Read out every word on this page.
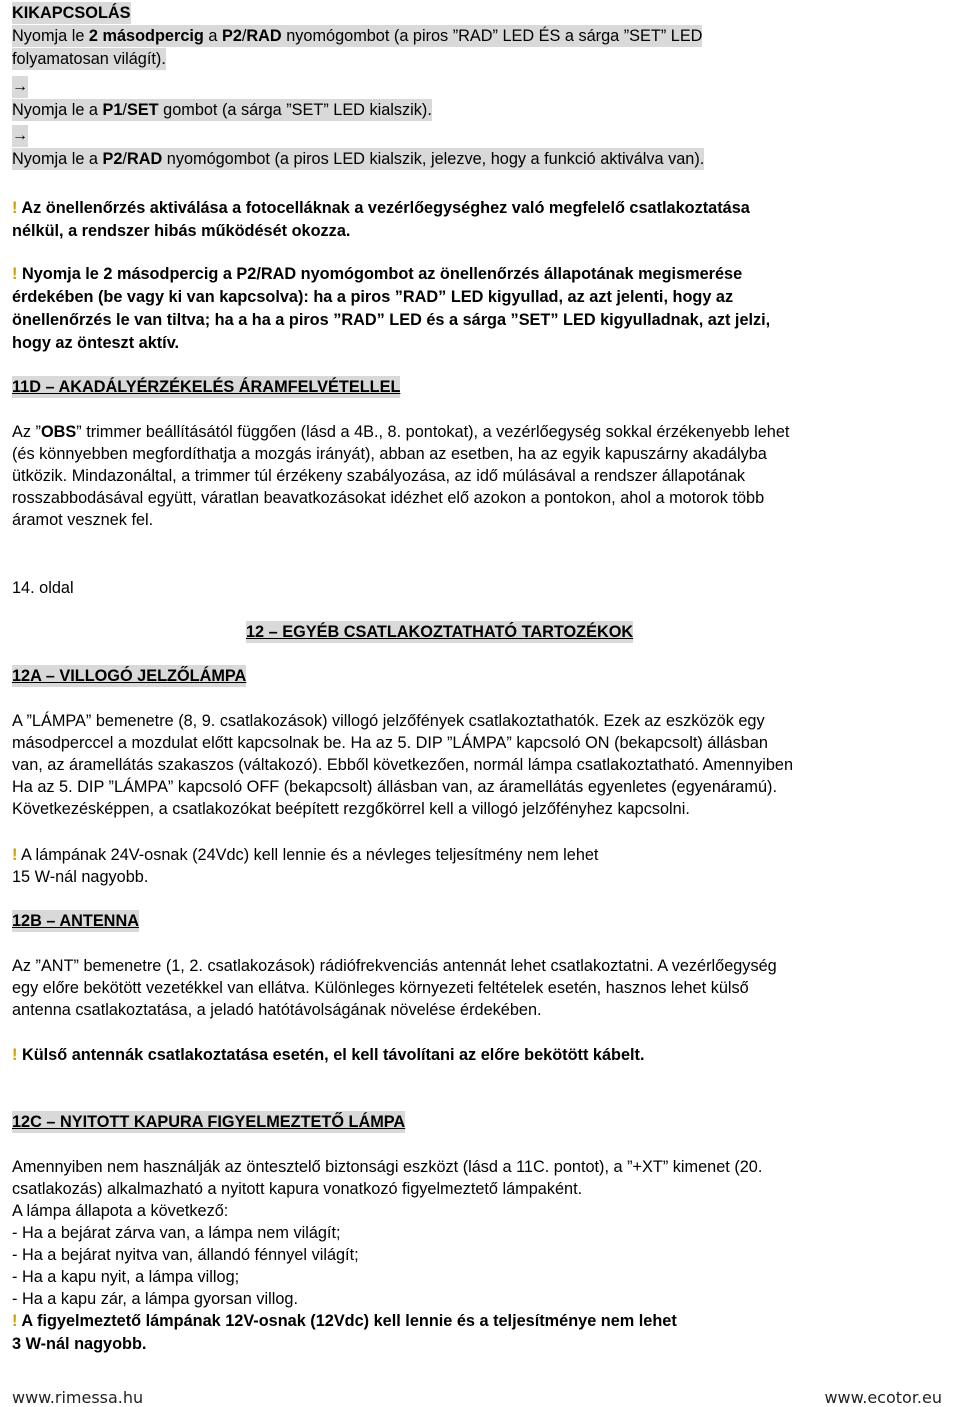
KIKAPCSOLÁS
Nyomja le 2 másodpercig a P2/RAD nyomógombot (a piros ”RAD” LED ÉS a sárga ”SET” LED
folyamatosan világít).
→
Nyomja le a P1/SET gombot (a sárga ”SET” LED kialszik).
→
Nyomja le a P2/RAD nyomógombot (a piros LED kialszik, jelezve, hogy a funkció aktiválva van).
! Az önellenőrzés aktiválása a fotocelláknak a vezérlőegységhez való megfelelő csatlakoztatása
nélkül, a rendszer hibás működését okozza.
! Nyomja le 2 másodpercig a P2/RAD nyomógombot az önellenőrzés állapotának megismerése
érdekében (be vagy ki van kapcsolva): ha a piros ”RAD” LED kigyullad, az azt jelenti, hogy az
önellenőrzés le van tiltva; ha a ha a piros ”RAD” LED és a sárga ”SET” LED kigyulladnak, azt jelzi,
hogy az önteszt aktív.
11D – AKADÁLYÉRZÉKELÉS ÁRAMFELVÉTELLEL
Az ”OBS” trimmer beállításától függően (lásd a 4B., 8. pontokat), a vezérlőegység sokkal érzékenyebb lehet
(és könnyebben megfordíthatja a mozgás irányát), abban az esetben, ha az egyik kapuszárny akadályba
ütközik. Mindazonáltal, a trimmer túl érzékeny szabályozása, az idő múlásával a rendszer állapotának
rosszabbodásával együtt, váratlan beavatkozásokat idézhet elő azokon a pontokon, ahol a motorok több
áramot vesznek fel.
14. oldal
12 – EGYÉB CSATLAKOZTATHATÓ TARTOZÉKOK
12A – VILLOGÓ JELZŐLÁMPA
A ”LÁMPA” bemenetre (8, 9. csatlakozások) villogó jelzőfények csatlakoztathatók. Ezek az eszközök egy
másodperccel a mozdulat előtt kapcsolnak be. Ha az 5. DIP ”LÁMPA” kapcsoló ON (bekapcsolt) állásban
van, az áramellátás szakaszos (váltakozó). Ebből következően, normál lámpa csatlakoztatható. Amennyiben
Ha az 5. DIP ”LÁMPA” kapcsoló OFF (bekapcsolt) állásban van, az áramellátás egyenletes (egyenáramú).
Következésképpen, a csatlakozókat beépített rezgőkörrel kell a villogó jelzőfényhez kapcsolni.
! A lámpának 24V-osnak (24Vdc) kell lennie és a névleges teljesítmény nem lehet
15 W-nál nagyobb.
12B – ANTENNA
Az ”ANT” bemenetre (1, 2. csatlakozások) rádiófrekvenciás antennát lehet csatlakoztatni. A vezérlőegység
egy előre bekötött vezetékkel van ellátva. Különleges környezeti feltételek esetén, hasznos lehet külső
antenna csatlakoztatása, a jeladó hatótávolságának növelése érdekében.
! Külső antennák csatlakoztatása esetén, el kell távolítani az előre bekötött kábelt.
12C – NYITOTT KAPURA FIGYELMEZTETŐ LÁMPA
Amennyiben nem használják az öntesztelő biztonsági eszközt (lásd a 11C. pontot), a ”+XT” kimenet (20.
csatlakozás) alkalmazható a nyitott kapura vonatkozó figyelmeztető lámpaként.
A lámpa állapota a következő:
- Ha a bejárat zárva van, a lámpa nem világít;
- Ha a bejárat nyitva van, állandó fénnyel világít;
- Ha a kapu nyit, a lámpa villog;
- Ha a kapu zár, a lámpa gyorsan villog.
! A figyelmeztető lámpának 12V-osnak (12Vdc) kell lennie és a teljesítménye nem lehet
3 W-nál nagyobb.
www.rimessa.hu	www.ecotor.eu
